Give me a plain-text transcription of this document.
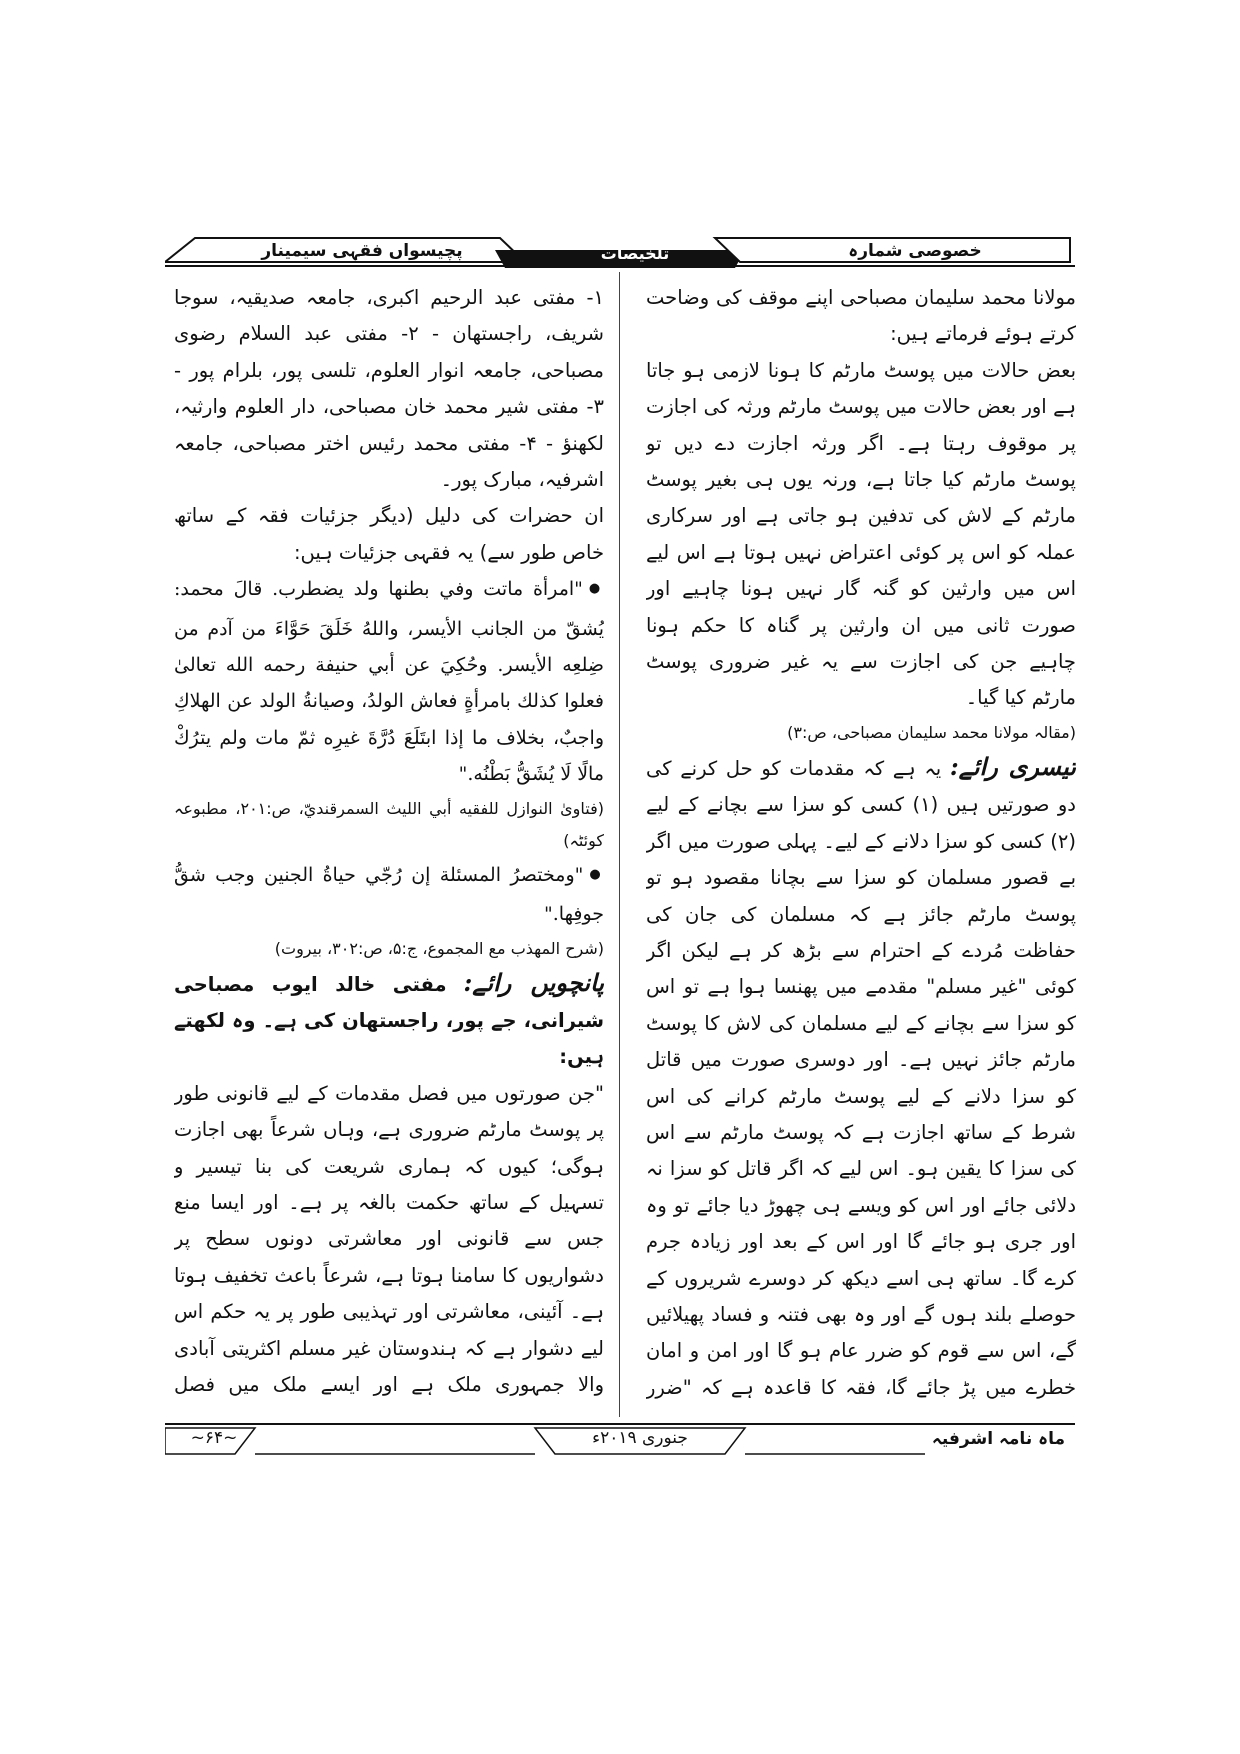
پچیسواں فقہی سیمینار	تلخیصات	خصوصی شمارہ

مولانا محمد سلیمان مصباحی اپنے موقف کی وضاحت کرتے ہوئے فرماتے ہیں:

بعض حالات میں پوسٹ مارٹم کا ہونا لازمی ہو جاتا ہے اور بعض حالات میں پوسٹ مارٹم ورثہ کی اجازت پر موقوف رہتا ہے۔ اگر ورثہ اجازت دے دیں تو پوسٹ مارٹم کیا جاتا ہے، ورنہ یوں ہی بغیر پوسٹ مارٹم کے لاش کی تدفین ہو جاتی ہے اور سرکاری عملہ کو اس پر کوئی اعتراض نہیں ہوتا ہے اس لیے اس میں وارثین کو گنہ گار نہیں ہونا چاہیے اور صورت ثانی میں ان وارثین پر گناہ کا حکم ہونا چاہیے جن کی اجازت سے یہ غیر ضروری پوسٹ مارٹم کیا گیا۔

(مقالہ مولانا محمد سلیمان مصباحی، ص:۳)

تیسری رائے: یہ ہے کہ مقدمات کو حل کرنے کی دو صورتیں ہیں (۱) کسی کو سزا سے بچانے کے لیے (۲) کسی کو سزا دلانے کے لیے۔ پہلی صورت میں اگر بے قصور مسلمان کو سزا سے بچانا مقصود ہو تو پوسٹ مارٹم جائز ہے کہ مسلمان کی جان کی حفاظت مُردے کے احترام سے بڑھ کر ہے لیکن اگر کوئی "غیر مسلم" مقدمے میں پھنسا ہوا ہے تو اس کو سزا سے بچانے کے لیے مسلمان کی لاش کا پوسٹ مارٹم جائز نہیں ہے۔ اور دوسری صورت میں قاتل کو سزا دلانے کے لیے پوسٹ مارٹم کرانے کی اس شرط کے ساتھ اجازت ہے کہ پوسٹ مارٹم سے اس کی سزا کا یقین ہو۔ اس لیے کہ اگر قاتل کو سزا نہ دلائی جائے اور اس کو ویسے ہی چھوڑ دیا جائے تو وہ اور جری ہو جائے گا اور اس کے بعد اور زیادہ جرم کرے گا۔ ساتھ ہی اسے دیکھ کر دوسرے شریروں کے حوصلے بلند ہوں گے اور وہ بھی فتنہ و فساد پھیلائیں گے، اس سے قوم کو ضرر عام ہو گا اور امن و امان خطرے میں پڑ جائے گا، فقہ کا قاعدہ ہے کہ "ضرر

۱- مفتی عبد الرحیم اکبری، جامعہ صدیقیہ، سوجا شریف، راجستھان - ۲- مفتی عبد السلام رضوی مصباحی، جامعہ انوار العلوم، تلسی پور، بلرام پور - ۳- مفتی شیر محمد خان مصباحی، دار العلوم وارثیہ، لکھنؤ - ۴- مفتی محمد رئیس اختر مصباحی، جامعہ اشرفیہ، مبارک پور۔

ان حضرات کی دلیل (دیگر جزئیات فقہ کے ساتھ خاص طور سے) یہ فقہی جزئیات ہیں:

● "امرأة ماتت وفي بطنها ولد يضطرب. قالَ محمد: يُشقّ من الجانب الأيسر، واللهُ خَلَقَ حَوَّاءَ من آدم من ضِلعِه الأيسر. وحُكِيَ عن أبي حنيفة رحمه الله تعالىٰ فعلوا كذلك بامرأةٍ فعاش الولدُ، وصيانةُ الولد عن الهلاكِ واجبٌ، بخلاف ما إذا ابتَلَعَ دُرَّةَ غيرِه ثمّ مات ولم يترُكْ مالًا لَا يُشَقُّ بَطْنُه."

(فتاویٰ النوازل للفقيه أبي الليث السمرقنديّ، ص:۲۰۱، مطبوعہ کوئٹہ)

● "ومختصرُ المسئلة إن رُجّي حياةُ الجنين وجب شقُّ جوفِها."

(شرح المهذب مع المجموع، ج:۵، ص:۳۰۲، بيروت)

پانچویں رائے: مفتی خالد ایوب مصباحی شیرانی، جے پور، راجستھان کی ہے۔ وہ لکھتے ہیں:

"جن صورتوں میں فصل مقدمات کے لیے قانونی طور پر پوسٹ مارٹم ضروری ہے، وہاں شرعاً بھی اجازت ہوگی؛ کیوں کہ ہماری شریعت کی بنا تیسیر و تسہیل کے ساتھ حکمت بالغہ پر ہے۔ اور ایسا منع جس سے قانونی اور معاشرتی دونوں سطح پر دشواریوں کا سامنا ہوتا ہے، شرعاً باعث تخفیف ہوتا ہے۔ آئینی، معاشرتی اور تہذیبی طور پر یہ حکم اس لیے دشوار ہے کہ ہندوستان غیر مسلم اکثریتی آبادی والا جمہوری ملک ہے اور ایسے ملک میں فصل

~۶۴~	جنوری ۲۰۱۹ء	ماہ نامہ اشرفیہ
